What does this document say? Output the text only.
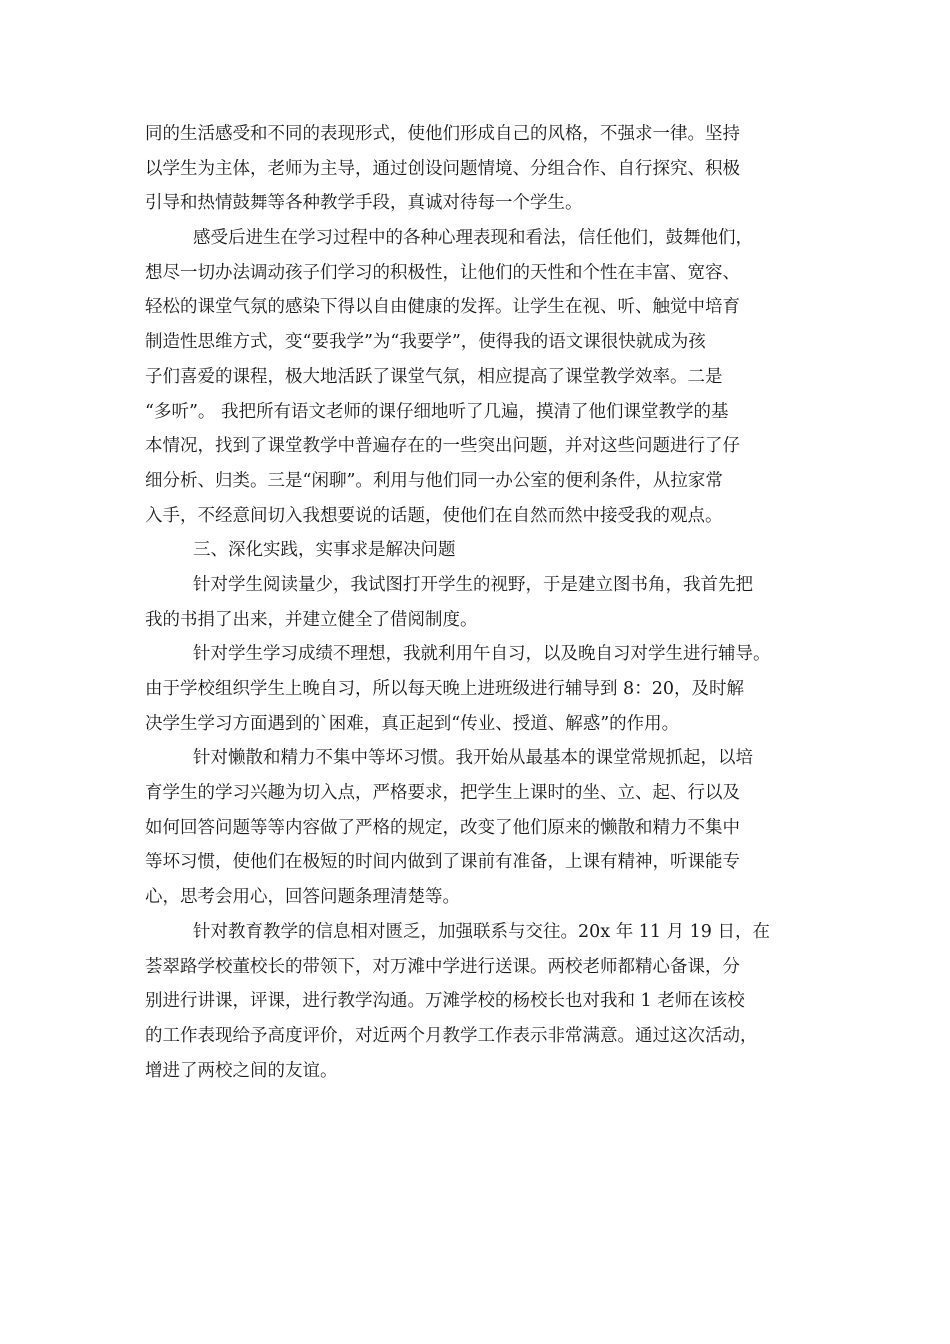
同的生活感受和不同的表现形式，使他们形成自己的风格，不强求一律。坚持
以学生为主体，老师为主导，通过创设问题情境、分组合作、自行探究、积极
引导和热情鼓舞等各种教学手段，真诚对待每一个学生。
感受后进生在学习过程中的各种心理表现和看法，信任他们，鼓舞他们，
想尽一切办法调动孩子们学习的积极性，让他们的天性和个性在丰富、宽容、
轻松的课堂气氛的感染下得以自由健康的发挥。让学生在视、听、触觉中培育
制造性思维方式，变“要我学”为“我要学”，使得我的语文课很快就成为孩
子们喜爱的课程，极大地活跃了课堂气氛，相应提高了课堂教学效率。二是
“多听”。 我把所有语文老师的课仔细地听了几遍，摸清了他们课堂教学的基
本情况，找到了课堂教学中普遍存在的一些突出问题，并对这些问题进行了仔
细分析、归类。三是“闲聊”。利用与他们同一办公室的便利条件，从拉家常
入手，不经意间切入我想要说的话题，使他们在自然而然中接受我的观点。
三、深化实践，实事求是解决问题
针对学生阅读量少，我试图打开学生的视野，于是建立图书角，我首先把
我的书捐了出来，并建立健全了借阅制度。
针对学生学习成绩不理想，我就利用午自习，以及晚自习对学生进行辅导。
由于学校组织学生上晚自习，所以每天晚上进班级进行辅导到 8：20，及时解
决学生学习方面遇到的`困难，真正起到“传业、授道、解惑”的作用。
针对懒散和精力不集中等坏习惯。我开始从最基本的课堂常规抓起，以培
育学生的学习兴趣为切入点，严格要求，把学生上课时的坐、立、起、行以及
如何回答问题等等内容做了严格的规定，改变了他们原来的懒散和精力不集中
等坏习惯，使他们在极短的时间内做到了课前有准备，上课有精神，听课能专
心，思考会用心，回答问题条理清楚等。
针对教育教学的信息相对匮乏，加强联系与交往。20x 年 11 月 19 日，在
荟翠路学校董校长的带领下，对万滩中学进行送课。两校老师都精心备课，分
别进行讲课，评课，进行教学沟通。万滩学校的杨校长也对我和 1 老师在该校
的工作表现给予高度评价，对近两个月教学工作表示非常满意。通过这次活动，
增进了两校之间的友谊。
